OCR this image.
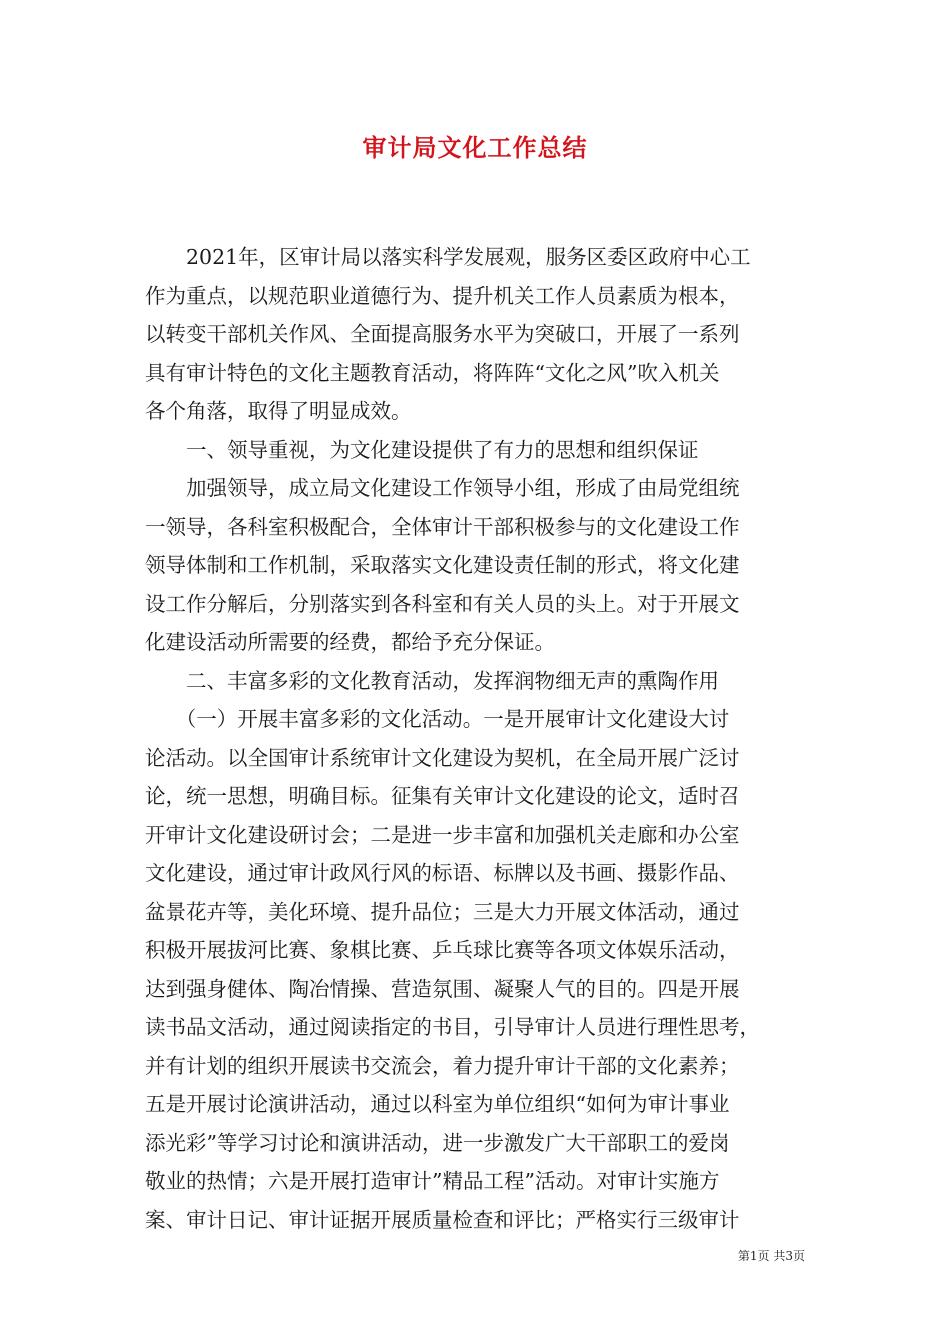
审计局文化工作总结
　　2021年，区审计局以落实科学发展观，服务区委区政府中心工
作为重点，以规范职业道德行为、提升机关工作人员素质为根本，
以转变干部机关作风、全面提高服务水平为突破口，开展了一系列
具有审计特色的文化主题教育活动，将阵阵“文化之风”吹入机关
各个角落，取得了明显成效。
　　一、领导重视，为文化建设提供了有力的思想和组织保证
　　加强领导，成立局文化建设工作领导小组，形成了由局党组统
一领导，各科室积极配合，全体审计干部积极参与的文化建设工作
领导体制和工作机制，采取落实文化建设责任制的形式，将文化建
设工作分解后，分别落实到各科室和有关人员的头上。对于开展文
化建设活动所需要的经费，都给予充分保证。
　　二、丰富多彩的文化教育活动，发挥润物细无声的熏陶作用
　　（一）开展丰富多彩的文化活动。一是开展审计文化建设大讨
论活动。以全国审计系统审计文化建设为契机，在全局开展广泛讨
论，统一思想，明确目标。征集有关审计文化建设的论文，适时召
开审计文化建设研讨会；二是进一步丰富和加强机关走廊和办公室
文化建设，通过审计政风行风的标语、标牌以及书画、摄影作品、
盆景花卉等，美化环境、提升品位；三是大力开展文体活动，通过
积极开展拔河比赛、象棋比赛、乒乓球比赛等各项文体娱乐活动，
达到强身健体、陶冶情操、营造氛围、凝聚人气的目的。四是开展
读书品文活动，通过阅读指定的书目，引导审计人员进行理性思考，
并有计划的组织开展读书交流会，着力提升审计干部的文化素养；
五是开展讨论演讲活动，通过以科室为单位组织“如何为审计事业
添光彩”等学习讨论和演讲活动，进一步激发广大干部职工的爱岗
敬业的热情；六是开展打造审计”精品工程”活动。对审计实施方
案、审计日记、审计证据开展质量检查和评比；严格实行三级审计
第1页 共3页
